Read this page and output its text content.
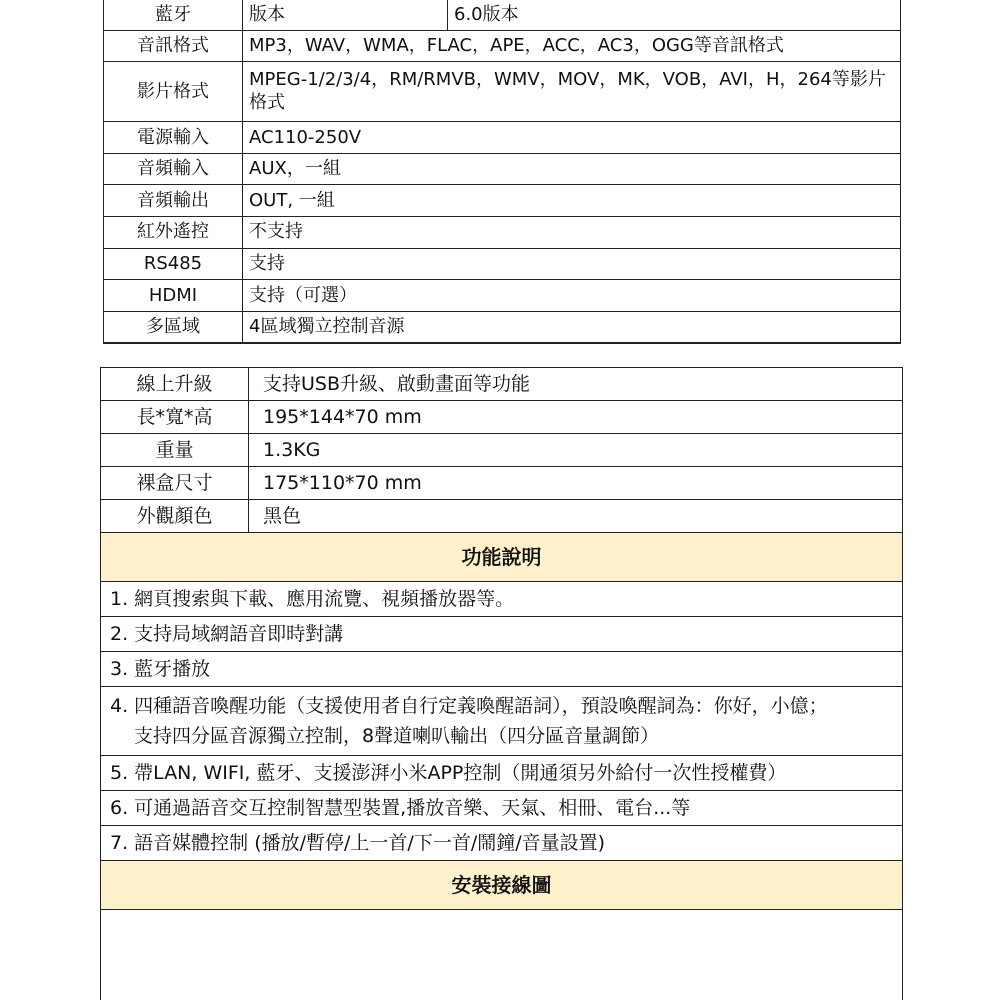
藍牙	版本	6.0版本
音訊格式	MP3，WAV，WMA，FLAC，APE，ACC，AC3，OGG等音訊格式	
影片格式	MPEG-1/2/3/4，RM/RMVB，WMV，MOV，MK，VOB，AVI，H，264等影片格式	
電源輸入	AC110-250V	
音頻輸入	AUX，一組	
音頻輸出	OUT, 一組	
紅外遙控	不支持	
RS485	支持	
HDMI	支持（可選）	
多區域	4區域獨立控制音源	
線上升級	支持USB升級、啟動畫面等功能
長*寬*高	195*144*70 mm
重量	1.3KG
裸盒尺寸	175*110*70 mm
外觀顏色	黑色
功能說明	
1. 網頁搜索與下載、應用流覽、視頻播放器等。	
2. 支持局域網語音即時對講	
3. 藍牙播放	
4. 四種語音喚醒功能（支援使用者自行定義喚醒語詞），預設喚醒詞為：你好，小億；
支持四分區音源獨立控制，8聲道喇叭輸出（四分區音量調節）	

5. 帶LAN, WIFI, 藍牙、支援澎湃小米APP控制（開通須另外給付一次性授權費）	
6. 可通過語音交互控制智慧型裝置,播放音樂、天氣、相冊、電台...等	
7. 語音媒體控制 (播放/暫停/上一首/下一首/鬧鐘/音量設置)	
安裝接線圖	
